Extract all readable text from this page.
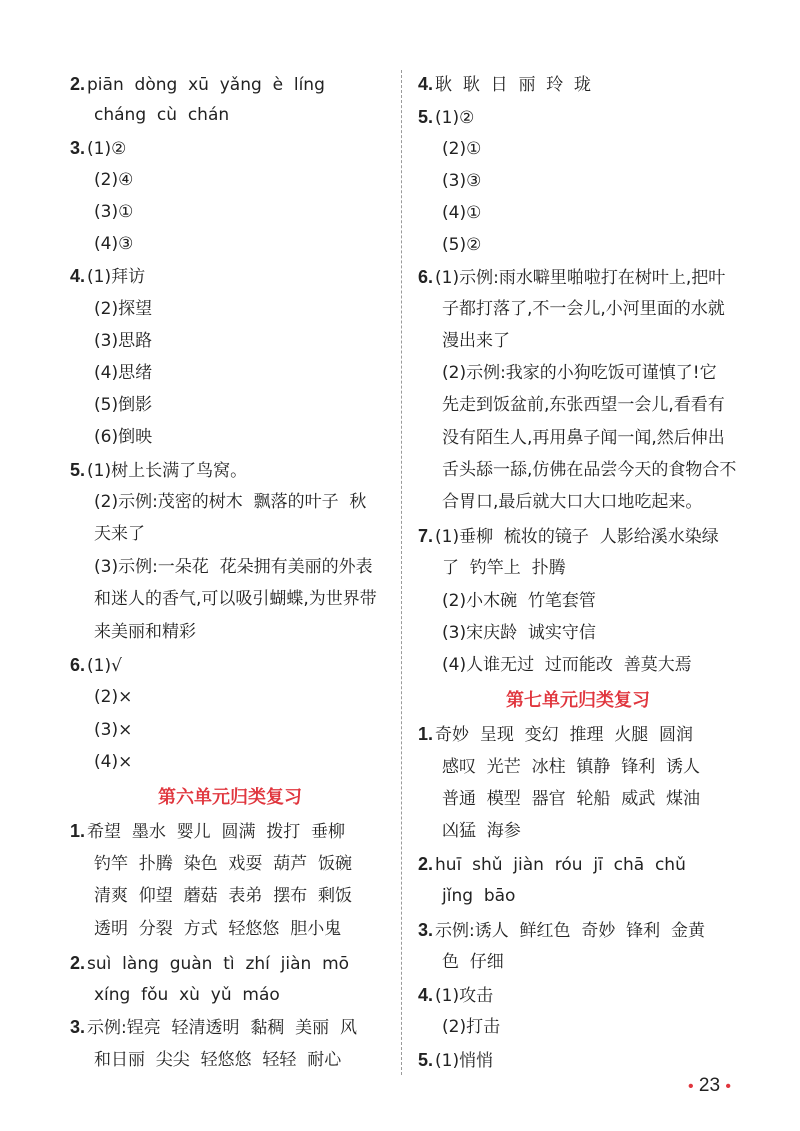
2. piān  dòng  xū  yǎng  è  líng
cháng  cù  chán
3. (1)②
(2)④
(3)①
(4)③
4. (1)拜访
(2)探望
(3)思路
(4)思绪
(5)倒影
(6)倒映
5. (1)树上长满了鸟窝。
(2)示例:茂密的树木  飘落的叶子  秋
天来了
(3)示例:一朵花  花朵拥有美丽的外表
和迷人的香气,可以吸引蝴蝶,为世界带
来美丽和精彩
6. (1)√
(2)×
(3)×
(4)×
第六单元归类复习
1. 希望  墨水  婴儿  圆满  拨打  垂柳
钓竿  扑腾  染色  戏耍  葫芦  饭碗
清爽  仰望  蘑菇  表弟  摆布  剩饭
透明  分裂  方式  轻悠悠  胆小鬼
2. suì  làng  guàn  tì  zhí  jiàn  mō
xíng  fǒu  xù  yǔ  máo
3. 示例:锃亮  轻清透明  黏稠  美丽  风
和日丽  尖尖  轻悠悠  轻轻  耐心
4. 耿  耿  日  丽  玲  珑
5. (1)②
(2)①
(3)③
(4)①
(5)②
6. (1)示例:雨水噼里啪啦打在树叶上,把叶
子都打落了,不一会儿,小河里面的水就
漫出来了
(2)示例:我家的小狗吃饭可谨慎了!它
先走到饭盆前,东张西望一会儿,看看有
没有陌生人,再用鼻子闻一闻,然后伸出
舌头舔一舔,仿佛在品尝今天的食物合不
合胃口,最后就大口大口地吃起来。
7. (1)垂柳  梳妆的镜子  人影给溪水染绿
了  钓竿上  扑腾
(2)小木碗  竹笔套管
(3)宋庆龄  诚实守信
(4)人谁无过  过而能改  善莫大焉
第七单元归类复习
1. 奇妙  呈现  变幻  推理  火腿  圆润
感叹  光芒  冰柱  镇静  锋利  诱人
普通  模型  器官  轮船  威武  煤油
凶猛  海参
2. huī  shǔ  jiàn  róu  jī  chā  chǔ
jǐng  bāo
3. 示例:诱人  鲜红色  奇妙  锋利  金黄
色  仔细
4. (1)攻击
(2)打击
5. (1)悄悄
• 23 •
